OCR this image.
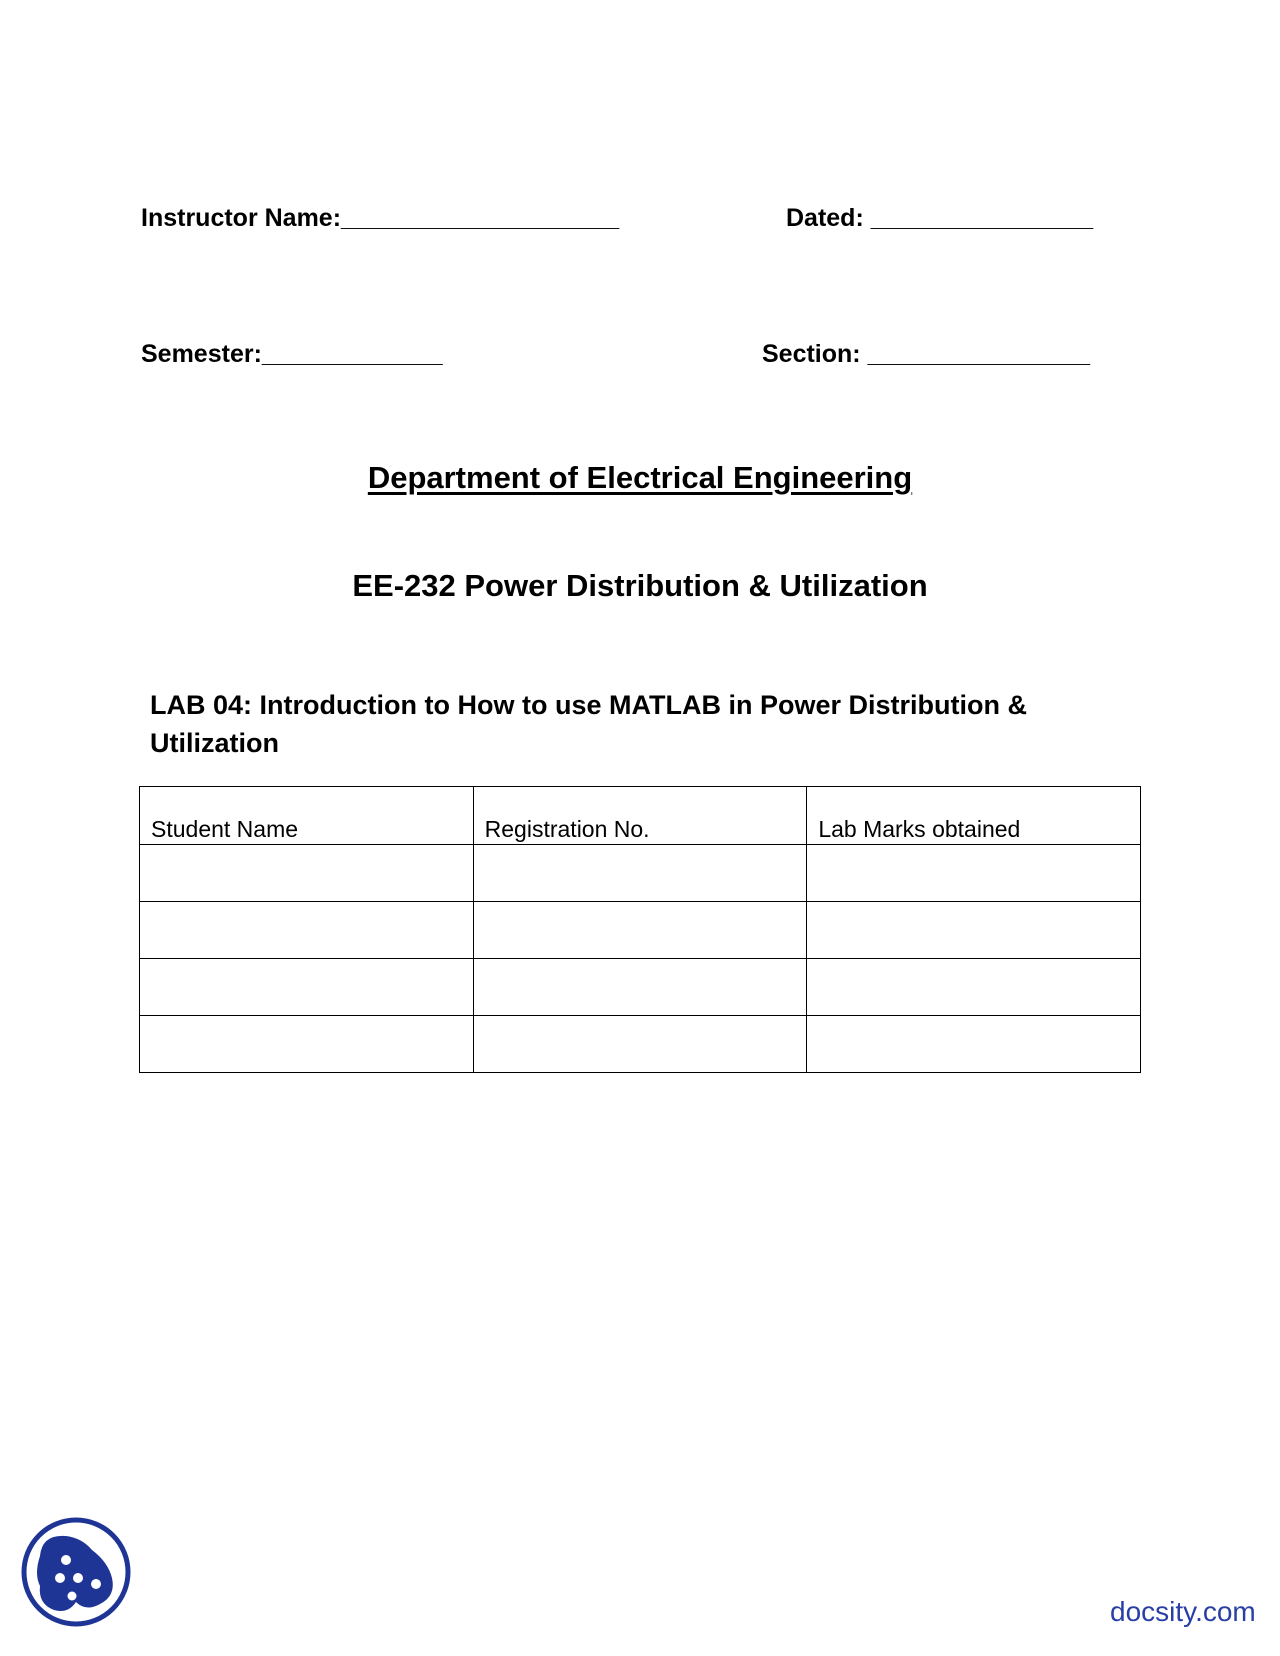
Instructor Name:____________________	Dated: ________________
Semester:_____________	Section: ________________
Department of Electrical Engineering
EE-232 Power Distribution & Utilization
LAB 04: Introduction to How to use MATLAB in Power Distribution & Utilization
Student Name	Registration No.	Lab Marks obtained

docsity.com
